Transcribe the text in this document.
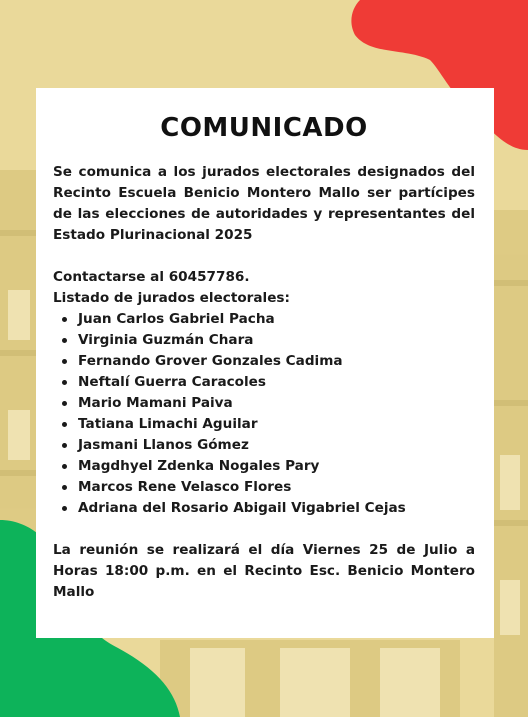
COMUNICADO

Se comunica a los jurados electorales designados del Recinto Escuela Benicio Montero Mallo ser partícipes de las elecciones de autoridades y representantes del Estado Plurinacional 2025

Contactarse al 60457786.

Listado de jurados electorales:

Juan Carlos Gabriel Pacha
Virginia Guzmán Chara
Fernando Grover Gonzales Cadima
Neftalí Guerra Caracoles
Mario Mamani Paiva
Tatiana Limachi Aguilar
Jasmani Llanos Gómez
Magdhyel Zdenka Nogales Pary
Marcos Rene Velasco Flores
Adriana del Rosario Abigail Vigabriel Cejas

La reunión se realizará el día Viernes 25 de Julio a Horas 18:00 p.m. en el Recinto Esc. Benicio Montero Mallo
